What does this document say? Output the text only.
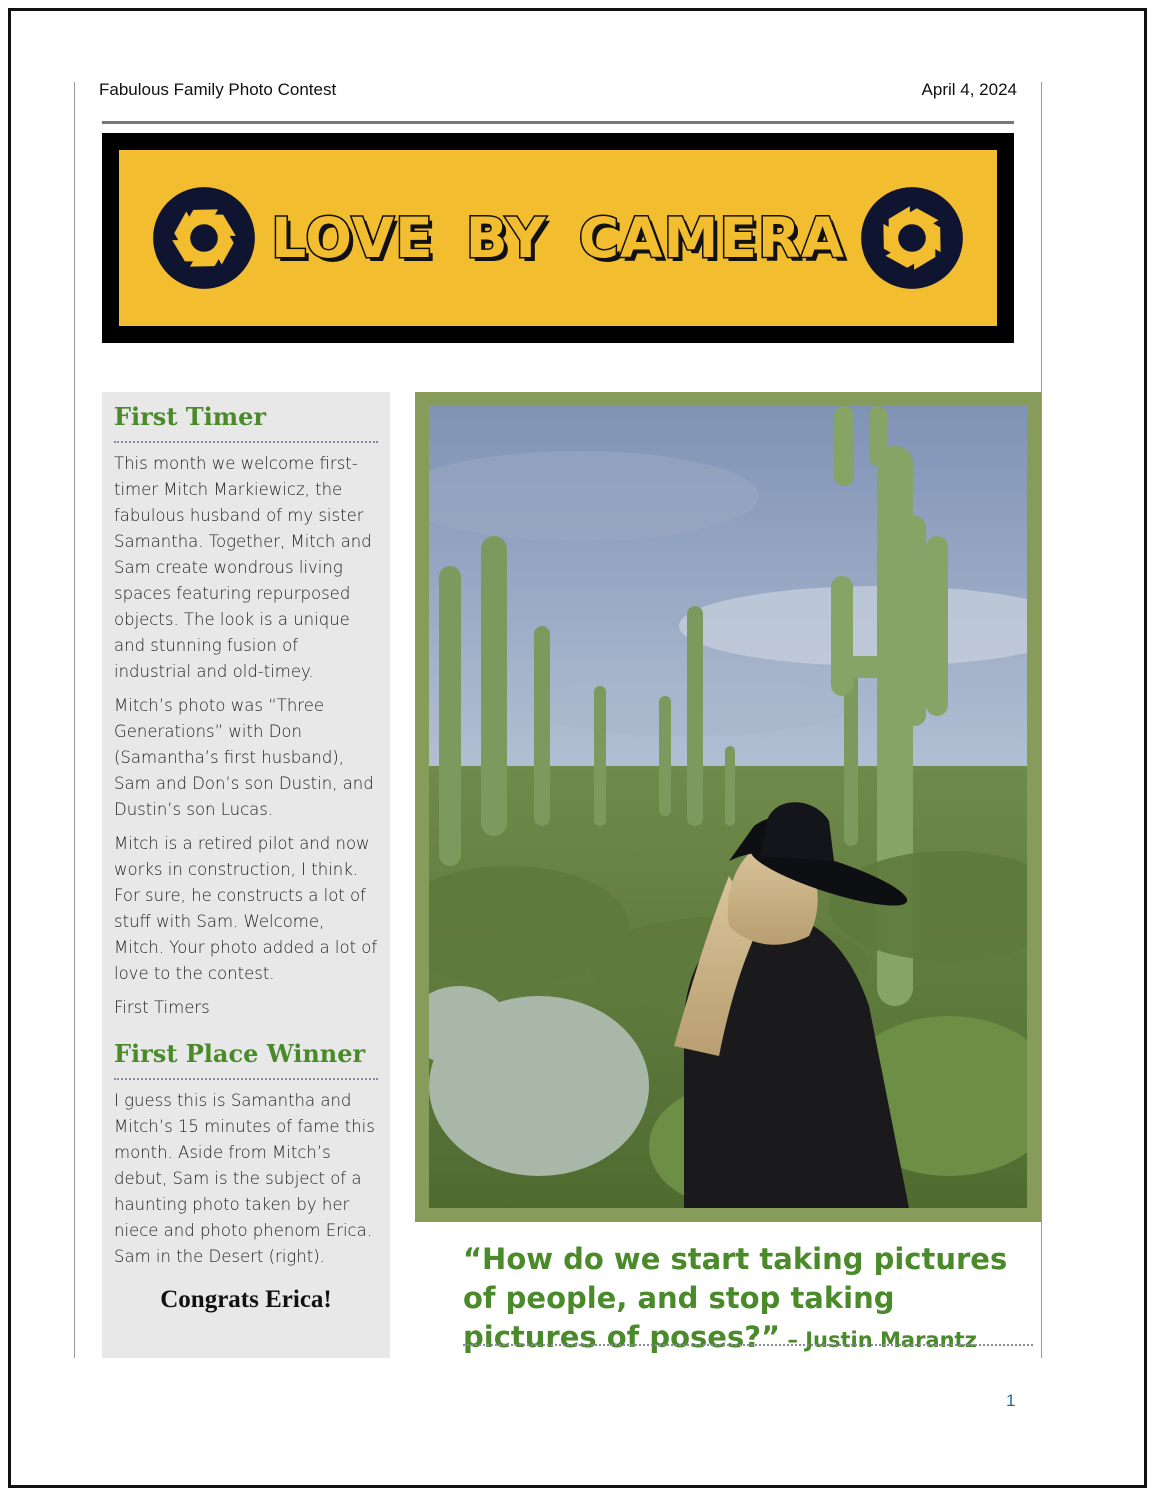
Fabulous Family Photo Contest	April 4, 2024
LOVE BY CAMERA
First Timer

This month we welcome first-timer Mitch Markiewicz, the fabulous husband of my sister Samantha. Together, Mitch and Sam create wondrous living spaces featuring repurposed objects. The look is a unique and stunning fusion of industrial and old-timey.

Mitch’s photo was “Three Generations” with Don (Samantha’s first husband), Sam and Don’s son Dustin, and Dustin’s son Lucas.

Mitch is a retired pilot and now works in construction, I think. For sure, he constructs a lot of stuff with Sam. Welcome, Mitch. Your photo added a lot of love to the contest.

First Timers

First Place Winner

I guess this is Samantha and Mitch’s 15 minutes of fame this month. Aside from Mitch’s debut, Sam is the subject of a haunting photo taken by her niece and photo phenom Erica. Sam in the Desert (right).

Congrats Erica!
“How do we start taking pictures of people, and stop taking pictures of poses?” – Justin Marantz
1
